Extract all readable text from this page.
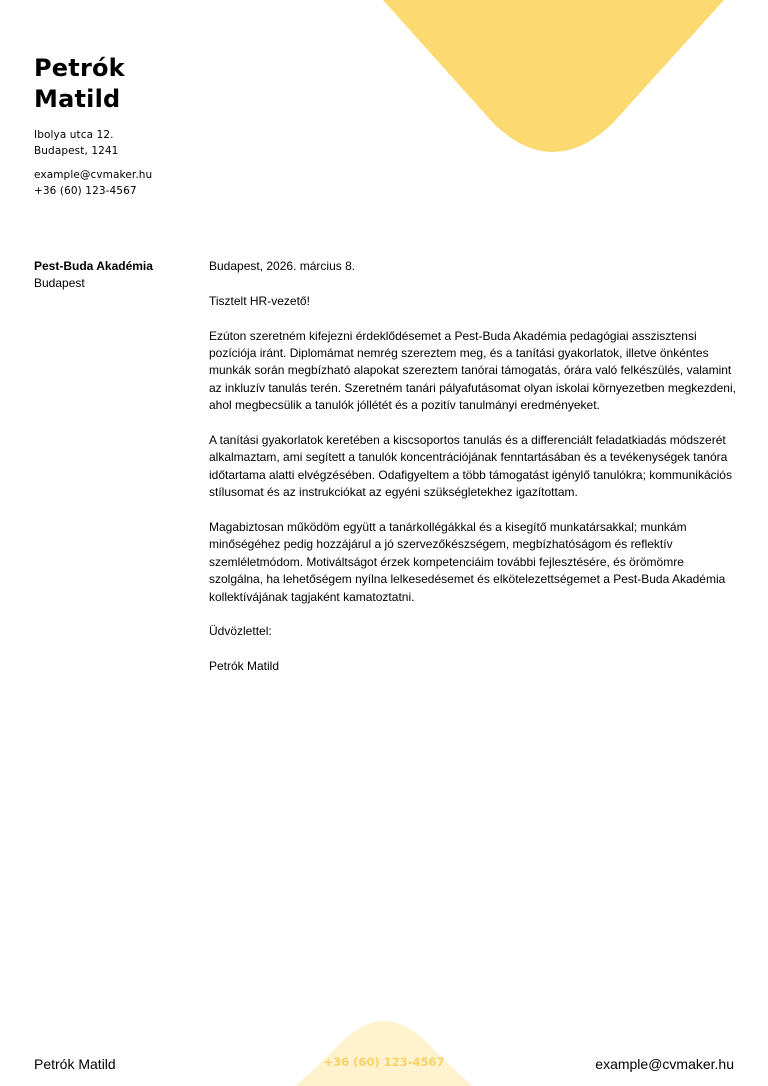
Petrók
Matild
Ibolya utca 12.
Budapest, 1241
example@cvmaker.hu
+36 (60) 123-4567
Pest-Buda Akadémia
Budapest

Budapest, 2026. március 8.

Tisztelt HR-vezető!

Ezúton szeretném kifejezni érdeklődésemet a Pest-Buda Akadémia pedagógiai asszisztensi pozíciója iránt. Diplomámat nemrég szereztem meg, és a tanítási gyakorlatok, illetve önkéntes munkák során megbízható alapokat szereztem tanórai támogatás, órára való felkészülés, valamint az inkluzív tanulás terén. Szeretném tanári pályafutásomat olyan iskolai környezetben megkezdeni, ahol megbecsülik a tanulók jóllétét és a pozitív tanulmányi eredményeket.

A tanítási gyakorlatok keretében a kiscsoportos tanulás és a differenciált feladatkiadás módszerét alkalmaztam, ami segített a tanulók koncentrációjának fenntartásában és a tevékenységek tanóra időtartama alatti elvégzésében. Odafigyeltem a több támogatást igénylő tanulókra; kommunikációs stílusomat és az instrukciókat az egyéni szükségletekhez igazítottam.

Magabiztosan működöm együtt a tanárkollégákkal és a kisegítő munkatársakkal; munkám minőségéhez pedig hozzájárul a jó szervezőkészségem, megbízhatóságom és reflektív szemléletmódom. Motiváltságot érzek kompetenciáim további fejlesztésére, és örömömre szolgálna, ha lehetőségem nyílna lelkesedésemet és elkötelezettségemet a Pest-Buda Akadémia kollektívájának tagjaként kamatoztatni.

Üdvözlettel:

Petrók Matild

Petrók Matild	+36 (60) 123-4567	example@cvmaker.hu
